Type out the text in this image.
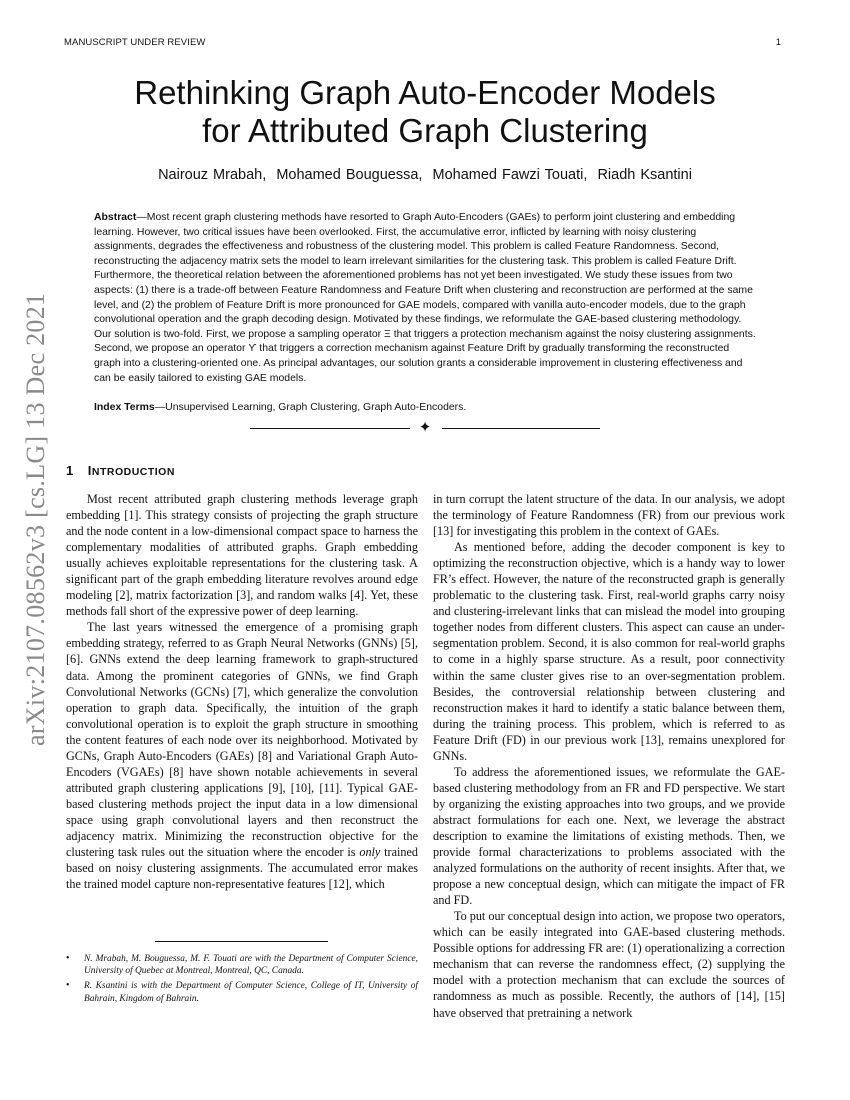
MANUSCRIPT UNDER REVIEW	1
Rethinking Graph Auto-Encoder Models
for Attributed Graph Clustering
Nairouz Mrabah ,  Mohamed Bouguessa ,  Mohamed Fawzi Touati ,  Riadh Ksantini

Abstract—Most recent graph clustering methods have resorted to Graph Auto-Encoders (GAEs) to perform joint clustering and embedding learning. However, two critical issues have been overlooked. First, the accumulative error, inflicted by learning with noisy clustering assignments, degrades the effectiveness and robustness of the clustering model. This problem is called Feature Randomness. Second, reconstructing the adjacency matrix sets the model to learn irrelevant similarities for the clustering task. This problem is called Feature Drift. Furthermore, the theoretical relation between the aforementioned problems has not yet been investigated. We study these issues from two aspects: (1) there is a trade-off between Feature Randomness and Feature Drift when clustering and reconstruction are performed at the same level, and (2) the problem of Feature Drift is more pronounced for GAE models, compared with vanilla auto-encoder models, due to the graph convolutional operation and the graph decoding design. Motivated by these findings, we reformulate the GAE-based clustering methodology. Our solution is two-fold. First, we propose a sampling operator Ξ that triggers a protection mechanism against the noisy clustering assignments. Second, we propose an operator ϒ that triggers a correction mechanism against Feature Drift by gradually transforming the reconstructed graph into a clustering-oriented one. As principal advantages, our solution grants a considerable improvement in clustering effectiveness and can be easily tailored to existing GAE models.

Index Terms—Unsupervised Learning, Graph Clustering, Graph Auto-Encoders.

✦
arXiv:2107.08562v3 [cs.LG] 13 Dec 2021 1 INTRODUCTION

Most recent attributed graph clustering methods leverage graph embedding [1]. This strategy consists of projecting the graph structure and the node content in a low-dimensional compact space to harness the complementary modalities of attributed graphs. Graph embedding usually achieves exploitable representations for the clustering task. A significant part of the graph embedding literature revolves around edge modeling [2], matrix factorization [3], and random walks [4]. Yet, these methods fall short of the expressive power of deep learning.

The last years witnessed the emergence of a promising graph embedding strategy, referred to as Graph Neural Networks (GNNs) [5], [6]. GNNs extend the deep learning framework to graph-structured data. Among the prominent categories of GNNs, we find Graph Convolutional Networks (GCNs) [7], which generalize the convolution operation to graph data. Specifically, the intuition of the graph convolutional operation is to exploit the graph structure in smoothing the content features of each node over its neighborhood. Motivated by GCNs, Graph Auto-Encoders (GAEs) [8] and Variational Graph Auto-Encoders (VGAEs) [8] have shown notable achievements in several attributed graph clustering applications [9], [10], [11]. Typical GAE-based clustering methods project the input data in a low dimensional space using graph convolutional layers and then reconstruct the adjacency matrix. Minimizing the reconstruction objective for the clustering task rules out the situation where the encoder is only trained based on noisy clustering assignments. The accumulated error makes the trained model capture non-representative features [12], which

in turn corrupt the latent structure of the data. In our analysis, we adopt the terminology of Feature Randomness (FR) from our previous work [13] for investigating this problem in the context of GAEs.

As mentioned before, adding the decoder component is key to optimizing the reconstruction objective, which is a handy way to lower FR’s effect. However, the nature of the reconstructed graph is generally problematic to the clustering task. First, real-world graphs carry noisy and clustering-irrelevant links that can mislead the model into grouping together nodes from different clusters. This aspect can cause an under-segmentation problem. Second, it is also common for real-world graphs to come in a highly sparse structure. As a result, poor connectivity within the same cluster gives rise to an over-segmentation problem. Besides, the controversial relationship between clustering and reconstruction makes it hard to identify a static balance between them, during the training process. This problem, which is referred to as Feature Drift (FD) in our previous work [13], remains unexplored for GNNs.

To address the aforementioned issues, we reformulate the GAE-based clustering methodology from an FR and FD perspective. We start by organizing the existing approaches into two groups, and we provide abstract formulations for each one. Next, we leverage the abstract description to examine the limitations of existing methods. Then, we provide formal characterizations to problems associated with the analyzed formulations on the authority of recent insights. After that, we propose a new conceptual design, which can mitigate the impact of FR and FD.

To put our conceptual design into action, we propose two operators, which can be easily integrated into GAE-based clustering methods. Possible options for addressing FR are: (1) operationalizing a correction mechanism that can reverse the randomness effect, (2) supplying the model with a protection mechanism that can exclude the sources of randomness as much as possible. Recently, the authors of [14], [15] have observed that pretraining a network

• N. Mrabah, M. Bouguessa, M. F. Touati are with the Department of Computer Science, University of Quebec at Montreal, Montreal, QC, Canada.
• R. Ksantini is with the Department of Computer Science, College of IT, University of Bahrain, Kingdom of Bahrain.
